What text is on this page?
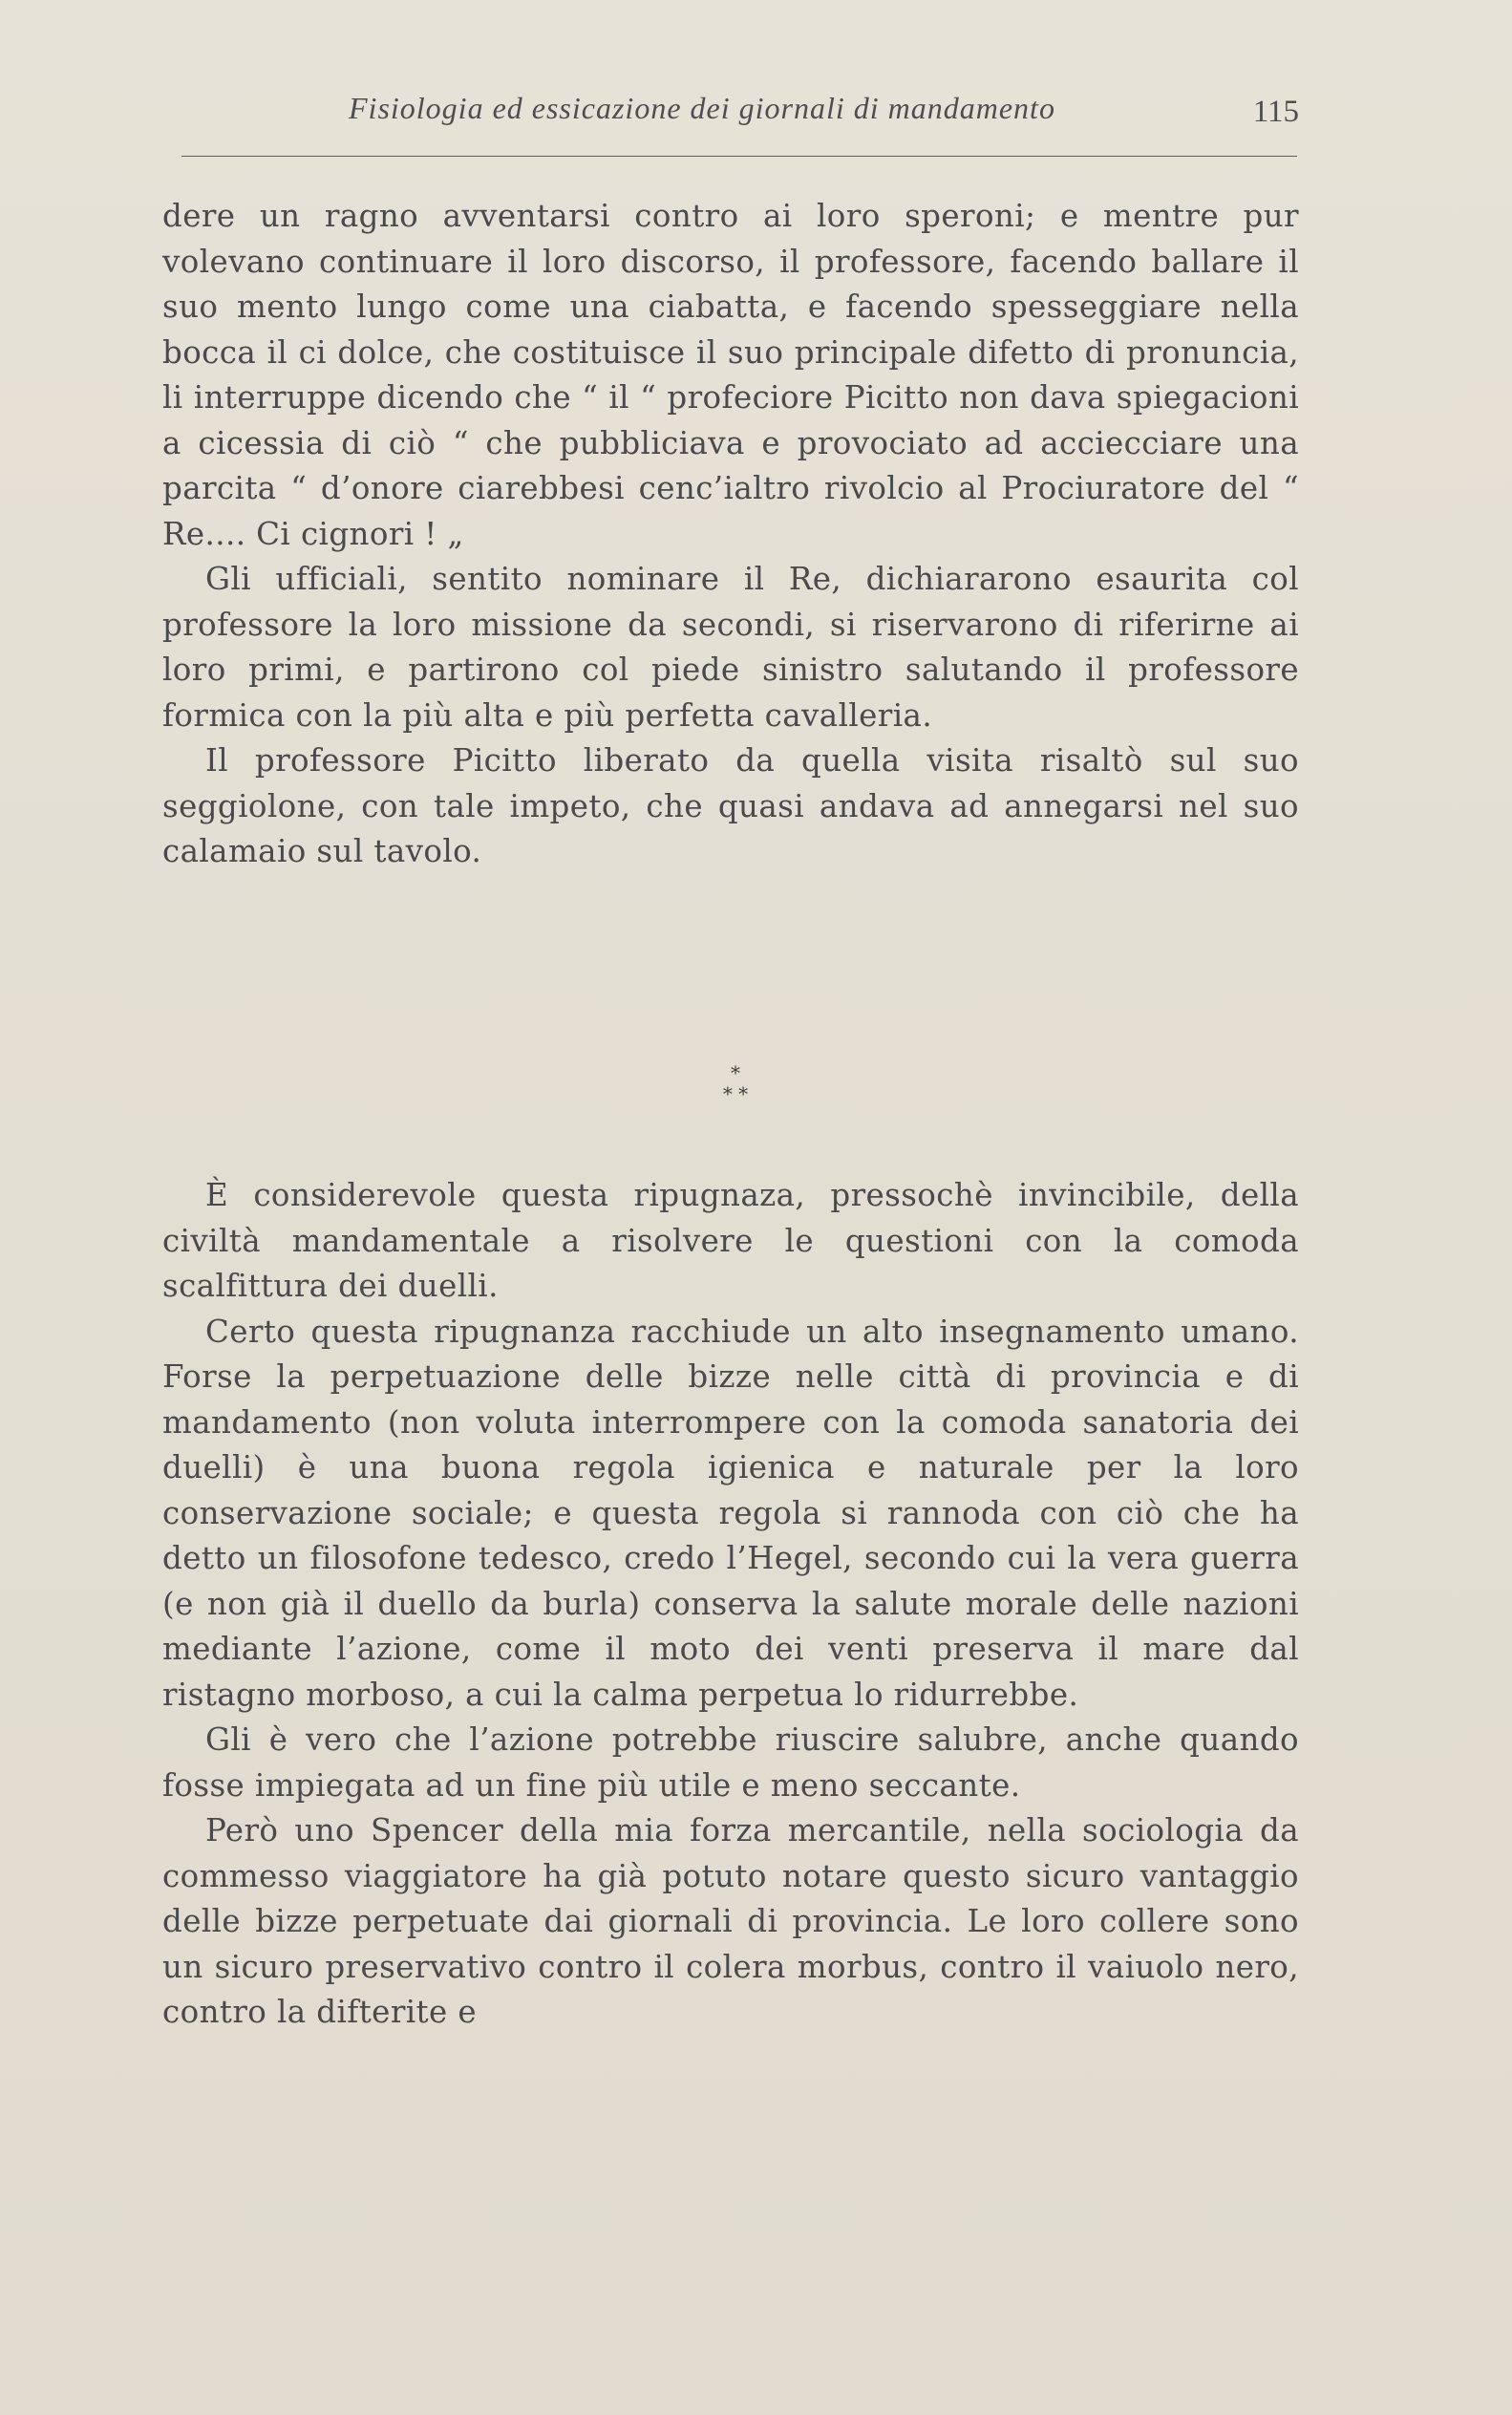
Fisiologia ed essicazione dei giornali di mandamento	115

dere un ragno avventarsi contro ai loro speroni; e mentre pur volevano continuare il loro discorso, il professore, facendo ballare il suo mento lungo come una ciabatta, e facendo spesseggiare nella bocca il ci dolce, che costituisce il suo principale difetto di pronuncia, li interruppe dicendo che “ il “ profeciore Picitto non dava spiegacioni a cicessia di ciò “ che pubbliciava e provociato ad acciecciare una parcita “ d’onore ciarebbesi cenc’ialtro rivolcio al Prociuratore del “ Re.... Ci cignori ! „

Gli ufficiali, sentito nominare il Re, dichiararono esaurita col professore la loro missione da secondi, si riservarono di riferirne ai loro primi, e partirono col piede sinistro salutando il professore formica con la più alta e più perfetta cavalleria.

Il professore Picitto liberato da quella visita risaltò sul suo seggiolone, con tale impeto, che quasi andava ad annegarsi nel suo calamaio sul tavolo.

*
* *

È considerevole questa ripugnaza, pressochè invincibile, della civiltà mandamentale a risolvere le questioni con la comoda scalfittura dei duelli.

Certo questa ripugnanza racchiude un alto insegnamento umano. Forse la perpetuazione delle bizze nelle città di provincia e di mandamento (non voluta interrompere con la comoda sanatoria dei duelli) è una buona regola igienica e naturale per la loro conservazione sociale; e questa regola si rannoda con ciò che ha detto un filosofone tedesco, credo l’Hegel, secondo cui la vera guerra (e non già il duello da burla) conserva la salute morale delle nazioni mediante l’azione, come il moto dei venti preserva il mare dal ristagno morboso, a cui la calma perpetua lo ridurrebbe.

Gli è vero che l’azione potrebbe riuscire salubre, anche quando fosse impiegata ad un fine più utile e meno seccante.

Però uno Spencer della mia forza mercantile, nella sociologia da commesso viaggiatore ha già potuto notare questo sicuro vantaggio delle bizze perpetuate dai giornali di provincia. Le loro collere sono un sicuro preservativo contro il colera morbus, contro il vaiuolo nero, contro la difterite e
